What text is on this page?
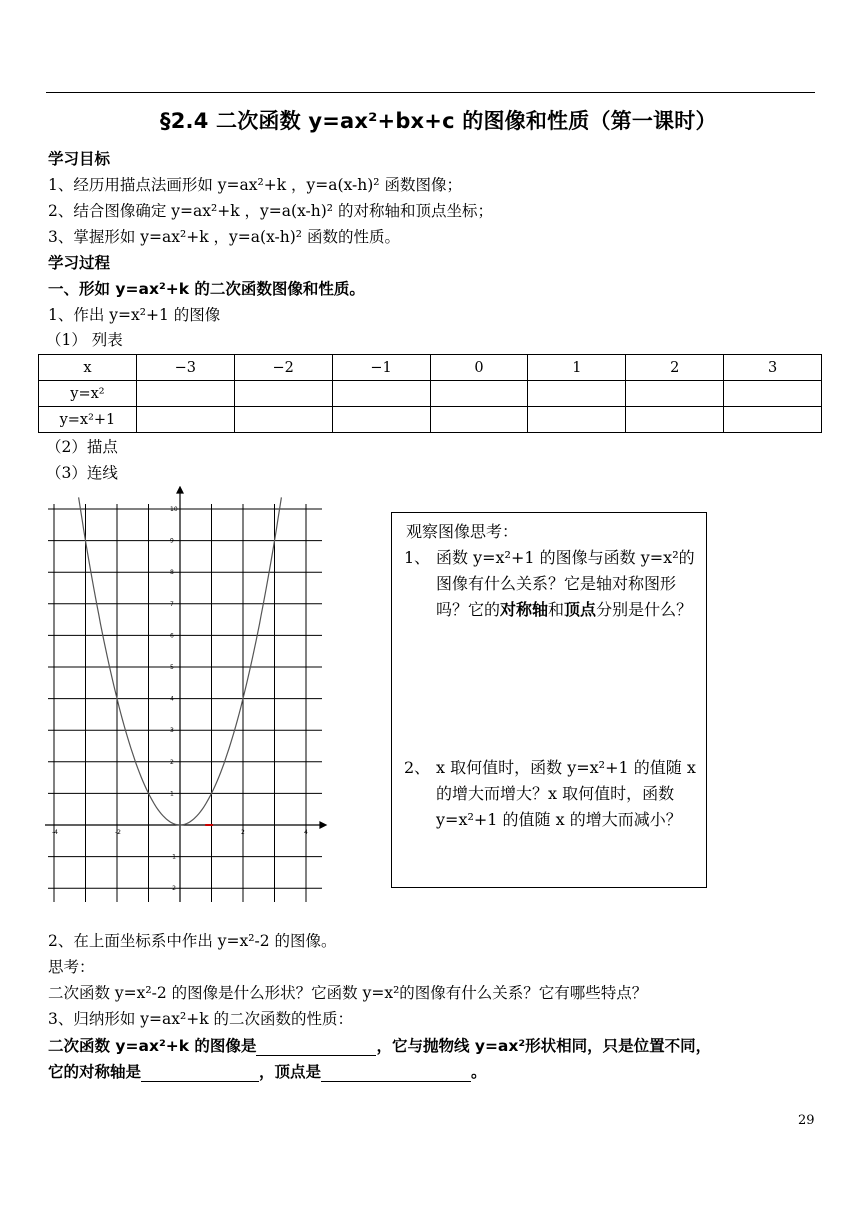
§2.4 二次函数 y=ax²+bx+c 的图像和性质（第一课时）
学习目标
1、经历用描点法画形如 y=ax²+k ，y=a(x-h)² 函数图像；
2、结合图像确定 y=ax²+k ，y=a(x-h)² 的对称轴和顶点坐标；
3、掌握形如 y=ax²+k ，y=a(x-h)² 函数的性质。
学习过程
一、形如 y=ax²+k 的二次函数图像和性质。
1、作出 y=x²+1 的图像
（1） 列表
x	−3	−2	−1	0	1	2	3
y=x²							
y=x²+1							
（2）描点
（3）连线
-4	-2	2	4
10
9
8
7
6
5
4
3
2
1
-1
-2
观察图像思考：
1、 函数 y=x²+1 的图像与函数 y=x²的图像有什么关系？它是轴对称图形吗？它的对称轴和顶点分别是什么？
2、 x 取何值时，函数 y=x²+1 的值随 x 的增大而增大？x 取何值时，函数 y=x²+1 的值随 x 的增大而减小？
2、在上面坐标系中作出 y=x²-2 的图像。
思考：
二次函数 y=x²-2 的图像是什么形状？它函数 y=x²的图像有什么关系？它有哪些特点？
3、归纳形如 y=ax²+k 的二次函数的性质：
二次函数 y=ax²+k 的图像是	，它与抛物线 y=ax²形状相同，只是位置不同，
它的对称轴是	，顶点是	。
29
